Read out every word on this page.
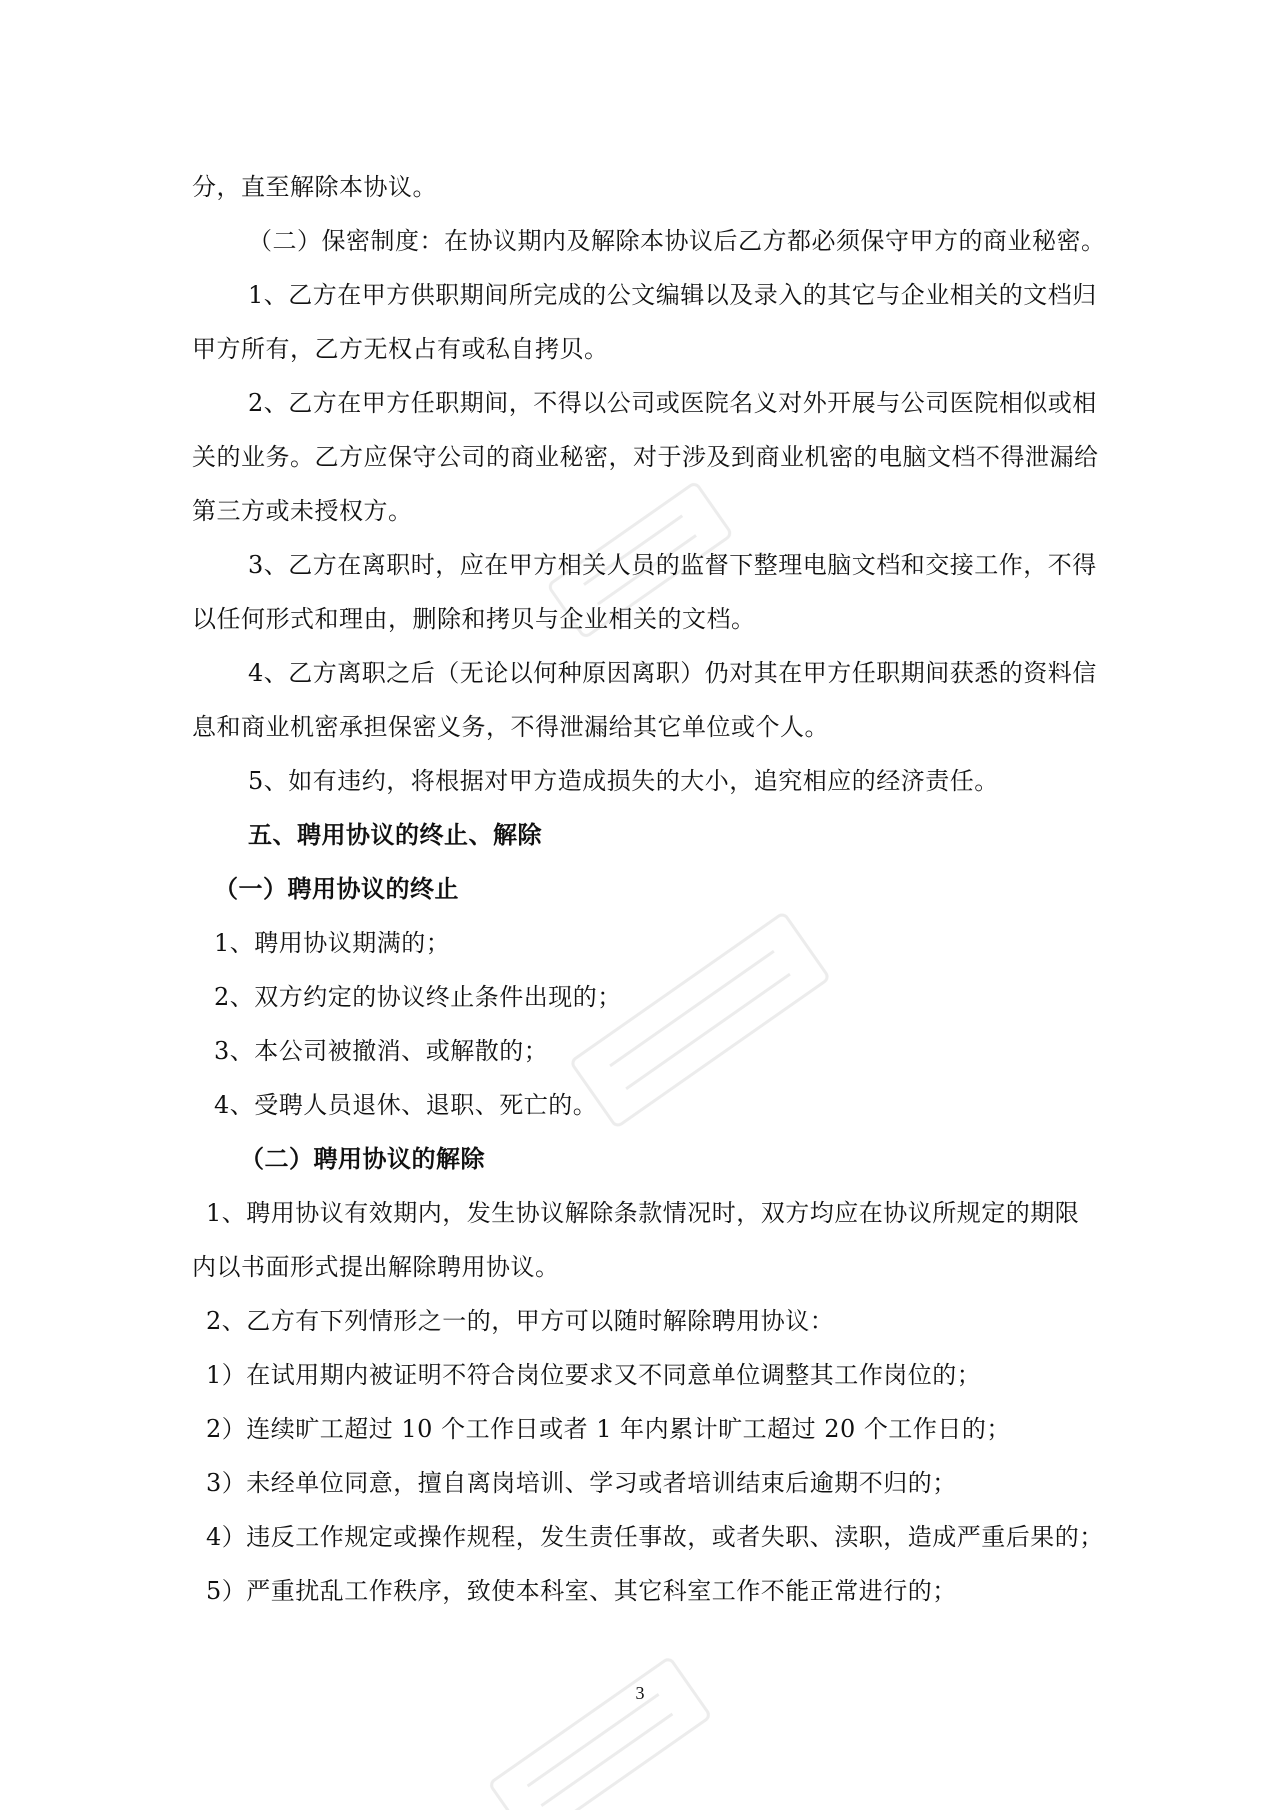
分，直至解除本协议。
（二）保密制度：在协议期内及解除本协议后乙方都必须保守甲方的商业秘密。
1、乙方在甲方供职期间所完成的公文编辑以及录入的其它与企业相关的文档归
甲方所有，乙方无权占有或私自拷贝。
2、乙方在甲方任职期间，不得以公司或医院名义对外开展与公司医院相似或相
关的业务。乙方应保守公司的商业秘密，对于涉及到商业机密的电脑文档不得泄漏给
第三方或未授权方。
3、乙方在离职时，应在甲方相关人员的监督下整理电脑文档和交接工作，不得
以任何形式和理由，删除和拷贝与企业相关的文档。
4、乙方离职之后（无论以何种原因离职）仍对其在甲方任职期间获悉的资料信
息和商业机密承担保密义务，不得泄漏给其它单位或个人。
5、如有违约，将根据对甲方造成损失的大小，追究相应的经济责任。
五、聘用协议的终止、解除
（一）聘用协议的终止
1、聘用协议期满的；
2、双方约定的协议终止条件出现的；
3、本公司被撤消、或解散的；
4、受聘人员退休、退职、死亡的。
（二）聘用协议的解除
1、聘用协议有效期内，发生协议解除条款情况时，双方均应在协议所规定的期限
内以书面形式提出解除聘用协议。
2、乙方有下列情形之一的，甲方可以随时解除聘用协议：
1）在试用期内被证明不符合岗位要求又不同意单位调整其工作岗位的；
2）连续旷工超过 10 个工作日或者 1 年内累计旷工超过 20 个工作日的；
3）未经单位同意，擅自离岗培训、学习或者培训结束后逾期不归的；
4）违反工作规定或操作规程，发生责任事故，或者失职、渎职，造成严重后果的；
5）严重扰乱工作秩序，致使本科室、其它科室工作不能正常进行的；
3
